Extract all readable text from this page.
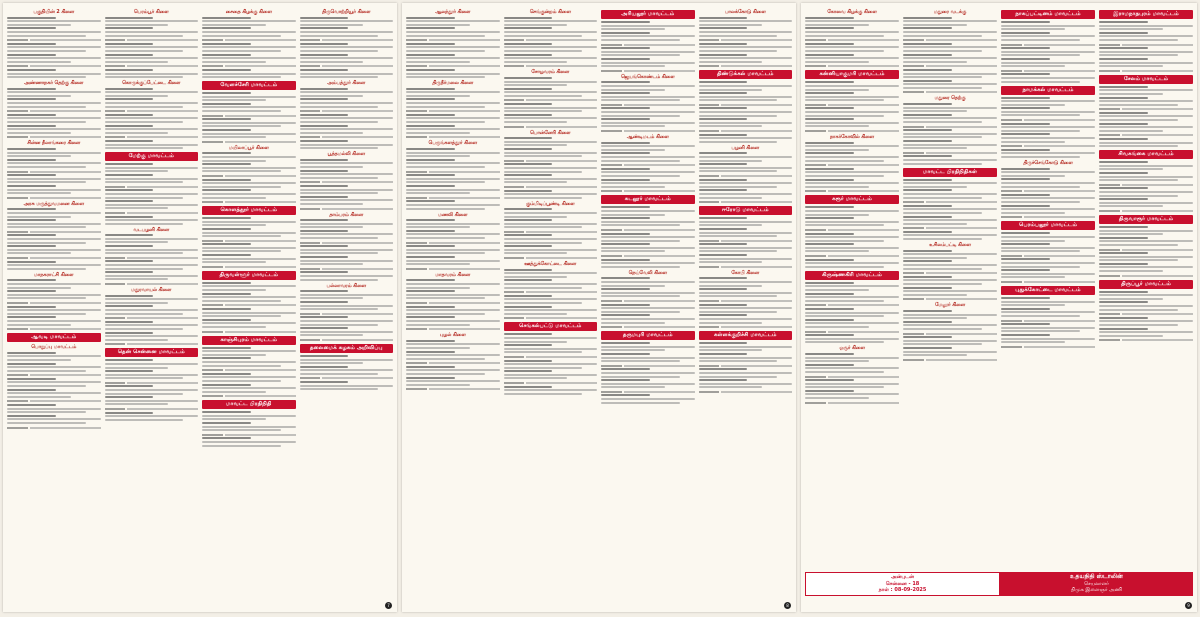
பகுதியின் 2 கிளை
அண்ணாநகர் தெற்கு கிளை
சின்ன நீலாங்கரை கிளை
அரசு மருத்துவமனை கிளை
மாநகராட்சி கிளை
ஆவடி மாவட்டம்
பொறுப்பு மாவட்டம்
பெரம்பூர் கிளை
கொருக்குப்பேட்டை கிளை
மேற்கு மாவட்டம்
வடபழனி கிளை
மதுரவாயல் கிளை
தென் சென்னை மாவட்டம்
சைதை கிழக்கு கிளை
வேளச்சேரி மாவட்டம்
மயிலாப்பூர் கிளை
கொளத்தூர் மாவட்டம்
திருவள்ளூர் மாவட்டம்
காஞ்சிபுரம் மாவட்டம்
மாவட்ட பிரதிநிதி
திருவொற்றியூர் கிளை
அம்பத்தூர் கிளை
பூந்தமல்லி கிளை
தாம்பரம் கிளை
பல்லாவரம் கிளை
தலைமைக் கழகம் அறிவிப்பு
7
ஆலந்தூர் கிளை
திருநீர்மலை கிளை
பெருங்களத்தூர் கிளை
மணலி கிளை
மாதவரம் கிளை
புழல் கிளை
செங்குன்றம் கிளை
சோழவரம் கிளை
பொன்னேரி கிளை
கும்மிடிப்பூண்டி கிளை
ஊத்துக்கோட்டை கிளை
செங்கல்பட்டு மாவட்டம்
அரியலூர் மாவட்டம்
ஜெயங்கொண்டம் கிளை
ஆண்டிமடம் கிளை
கடலூர் மாவட்டம்
நெய்வேலி கிளை
தருமபுரி மாவட்டம்
பாலக்கோடு கிளை
திண்டுக்கல் மாவட்டம்
பழனி கிளை
ஈரோடு மாவட்டம்
கோபி கிளை
கள்ளக்குறிச்சி மாவட்டம்
8
கோவை கிழக்கு கிளை
கன்னியாகுமரி மாவட்டம்
நாகர்கோவில் கிளை
கரூர் மாவட்டம்
கிருஷ்ணகிரி மாவட்டம்
ஓசூர் கிளை
மதுரை வடக்கு
மதுரை தெற்கு
மாவட்ட பிரதிநிதிகள்
உசிலம்பட்டி கிளை
மேலூர் கிளை
நாகப்பட்டினம் மாவட்டம்
நாமக்கல் மாவட்டம்
திருச்செங்கோடு கிளை
பெரம்பலூர் மாவட்டம்
புதுக்கோட்டை மாவட்டம்
இராமநாதபுரம் மாவட்டம்
சேலம் மாவட்டம்
சிவகங்கை மாவட்டம்
திருவாரூர் மாவட்டம்
திருப்பூர் மாவட்டம்
அன்புடன்
சென்னை - 18
நாள் : 08-09-2025
உதயநிதி ஸ்டாலின்
செயலாளர்
திமுக இளைஞர் அணி
9
